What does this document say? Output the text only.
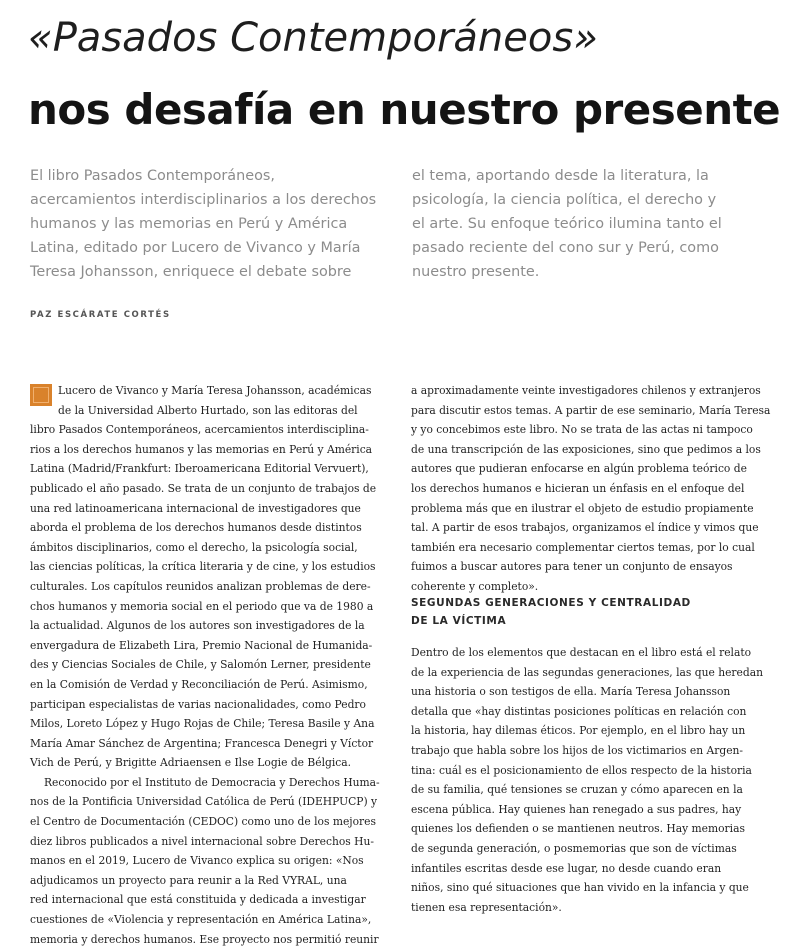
«Pasados Contemporáneos»
nos desafía en nuestro presente
El libro Pasados Contemporáneos,
acercamientos interdisciplinarios a los derechos
humanos y las memorias en Perú y América
Latina, editado por Lucero de Vivanco y María
Teresa Johansson, enriquece el debate sobre
el tema, aportando desde la literatura, la
psicología, la ciencia política, el derecho y
el arte. Su enfoque teórico ilumina tanto el
pasado reciente del cono sur y Perú, como
nuestro presente.
PAZ ESCÁRATE CORTÉS
Lucero de Vivanco y María Teresa Johansson, académicas
de la Universidad Alberto Hurtado, son las editoras del
libro Pasados Contemporáneos, acercamientos interdisciplina-
rios a los derechos humanos y las memorias en Perú y América
Latina (Madrid/Frankfurt: Iberoamericana Editorial Vervuert),
publicado el año pasado. Se trata de un conjunto de trabajos de
una red latinoamericana internacional de investigadores que
aborda el problema de los derechos humanos desde distintos
ámbitos disciplinarios, como el derecho, la psicología social,
las ciencias políticas, la crítica literaria y de cine, y los estudios
culturales. Los capítulos reunidos analizan problemas de dere-
chos humanos y memoria social en el periodo que va de 1980 a
la actualidad. Algunos de los autores son investigadores de la
envergadura de Elizabeth Lira, Premio Nacional de Humanida-
des y Ciencias Sociales de Chile, y Salomón Lerner, presidente
en la Comisión de Verdad y Reconciliación de Perú. Asimismo,
participan especialistas de varias nacionalidades, como Pedro
Milos, Loreto López y Hugo Rojas de Chile; Teresa Basile y Ana
María Amar Sánchez de Argentina; Francesca Denegri y Víctor
Vich de Perú, y Brigitte Adriaensen e Ilse Logie de Bélgica.
Reconocido por el Instituto de Democracia y Derechos Huma-
nos de la Pontificia Universidad Católica de Perú (IDEHPUCP) y
el Centro de Documentación (CEDOC) como uno de los mejores
diez libros publicados a nivel internacional sobre Derechos Hu-
manos en el 2019, Lucero de Vivanco explica su origen: «Nos
adjudicamos un proyecto para reunir a la Red VYRAL, una
red internacional que está constituida y dedicada a investigar
cuestiones de «Violencia y representación en América Latina»,
memoria y derechos humanos. Ese proyecto nos permitió reunir
a aproximadamente veinte investigadores chilenos y extranjeros
para discutir estos temas. A partir de ese seminario, María Teresa
y yo concebimos este libro. No se trata de las actas ni tampoco
de una transcripción de las exposiciones, sino que pedimos a los
autores que pudieran enfocarse en algún problema teórico de
los derechos humanos e hicieran un énfasis en el enfoque del
problema más que en ilustrar el objeto de estudio propiamente
tal. A partir de esos trabajos, organizamos el índice y vimos que
también era necesario complementar ciertos temas, por lo cual
fuimos a buscar autores para tener un conjunto de ensayos
coherente y completo».
SEGUNDAS GENERACIONES Y CENTRALIDAD
DE LA VÍCTIMA
Dentro de los elementos que destacan en el libro está el relato
de la experiencia de las segundas generaciones, las que heredan
una historia o son testigos de ella. María Teresa Johansson
detalla que «hay distintas posiciones políticas en relación con
la historia, hay dilemas éticos. Por ejemplo, en el libro hay un
trabajo que habla sobre los hijos de los victimarios en Argen-
tina: cuál es el posicionamiento de ellos respecto de la historia
de su familia, qué tensiones se cruzan y cómo aparecen en la
escena pública. Hay quienes han renegado a sus padres, hay
quienes los defienden o se mantienen neutros. Hay memorias
de segunda generación, o posmemorias que son de víctimas
infantiles escritas desde ese lugar, no desde cuando eran
niños, sino qué situaciones que han vivido en la infancia y que
tienen esa representación».
